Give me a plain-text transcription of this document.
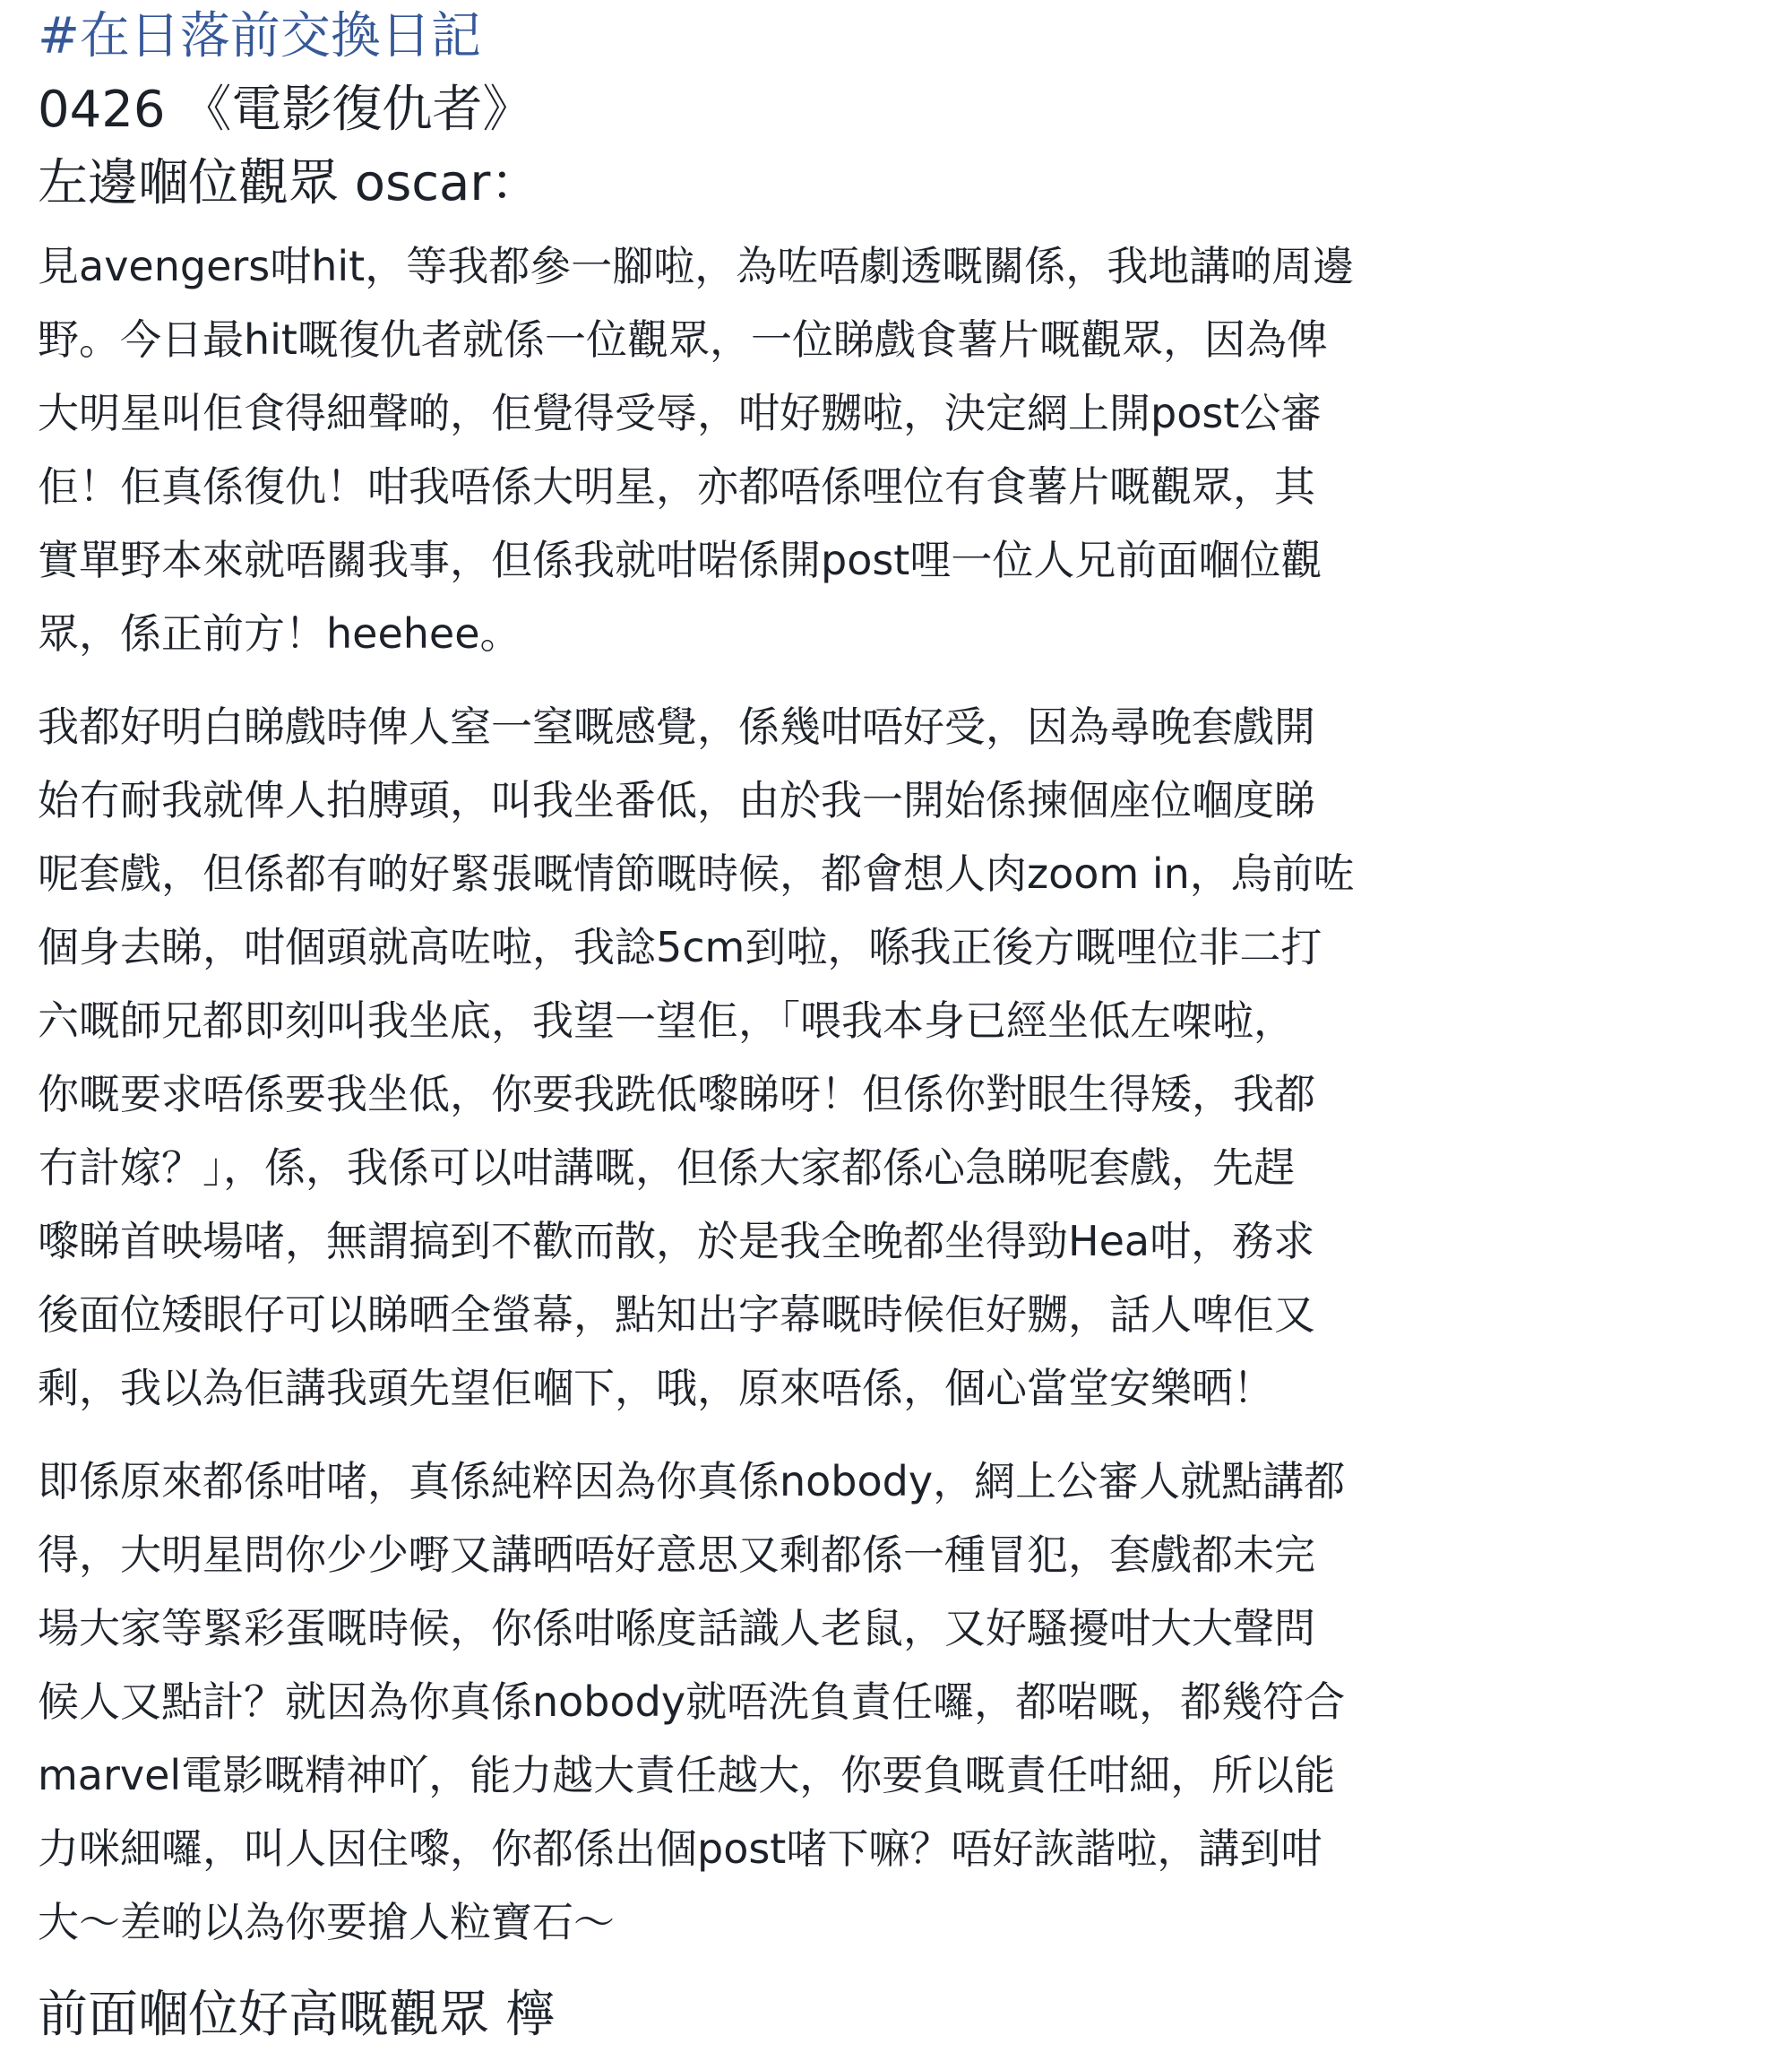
#在日落前交換日記

0426 《電影復仇者》

左邊嗰位觀眾 oscar：

見avengers咁hit，等我都參一腳啦，為咗唔劇透嘅關係，我地講啲周邊
野。今日最hit嘅復仇者就係一位觀眾，一位睇戲食薯片嘅觀眾，因為俾
大明星叫佢食得細聲啲，佢覺得受辱，咁好嬲啦，決定網上開post公審
佢！佢真係復仇！咁我唔係大明星，亦都唔係哩位有食薯片嘅觀眾，其
實單野本來就唔關我事，但係我就咁啱係開post哩一位人兄前面嗰位觀
眾，係正前方！heehee。
我都好明白睇戲時俾人窒一窒嘅感覺，係幾咁唔好受，因為尋晚套戲開
始冇耐我就俾人拍膊頭，叫我坐番低，由於我一開始係揀個座位嗰度睇
呢套戲，但係都有啲好緊張嘅情節嘅時候，都會想人肉zoom in，烏前咗
個身去睇，咁個頭就高咗啦，我諗5cm到啦，喺我正後方嘅哩位非二打
六嘅師兄都即刻叫我坐底，我望一望佢，「喂我本身已經坐低左㗎啦，
你嘅要求唔係要我坐低，你要我跣低嚟睇呀！但係你對眼生得矮，我都
冇計嫁？」，係，我係可以咁講嘅，但係大家都係心急睇呢套戲，先趕
嚟睇首映場啫，無謂搞到不歡而散，於是我全晚都坐得勁Hea咁，務求
後面位矮眼仔可以睇晒全螢幕，點知出字幕嘅時候佢好嬲，話人啤佢又
剩，我以為佢講我頭先望佢嗰下，哦，原來唔係，個心當堂安樂晒！
即係原來都係咁啫，真係純粹因為你真係nobody，網上公審人就點講都
得，大明星問你少少嘢又講晒唔好意思又剩都係一種冒犯，套戲都未完
場大家等緊彩蛋嘅時候，你係咁喺度話識人老鼠，又好騷擾咁大大聲問
候人又點計？就因為你真係nobody就唔洗負責任囉，都啱嘅，都幾符合
marvel電影嘅精神吖，能力越大責任越大，你要負嘅責任咁細，所以能
力咪細囉，叫人因住嚟，你都係出個post啫下嘛？唔好詼諧啦，講到咁
大～差啲以為你要搶人粒寶石～

前面嗰位好高嘅觀眾 檸
